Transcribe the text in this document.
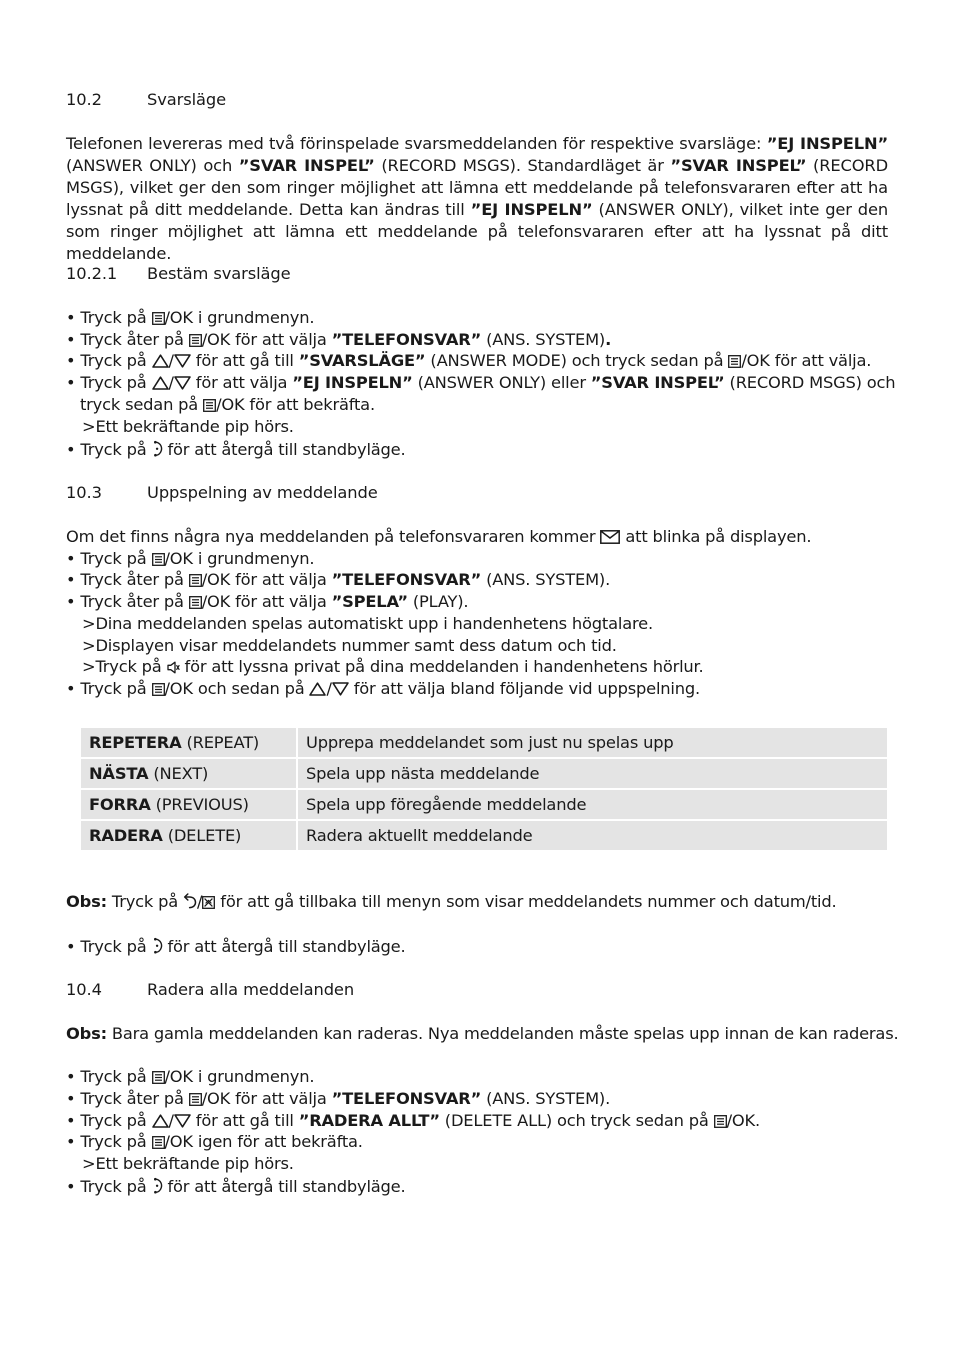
10.2	Svarsläge
Telefonen levereras med två förinspelade svarsmeddelanden för respektive svarsläge: ”EJ INSPELN” (ANSWER ONLY) och ”SVAR INSPEL” (RECORD MSGS). Standardläget är ”SVAR INSPEL” (RECORD MSGS), vilket ger den som ringer möjlighet att lämna ett meddelande på telefonsvararen efter att ha lyssnat på ditt meddelande. Detta kan ändras till ”EJ INSPELN” (ANSWER ONLY), vilket inte ger den som ringer möjlighet att lämna ett meddelande på telefonsvararen efter att ha lyssnat på ditt meddelande.
10.2.1 Bestäm svarsläge
• Tryck på /OK i grundmenyn.
• Tryck åter på /OK för att välja ”TELEFONSVAR” (ANS. SYSTEM).
• Tryck på / för att gå till ”SVARSLÄGE” (ANSWER MODE) och tryck sedan på /OK för att välja.
• Tryck på / för att välja ”EJ INSPELN” (ANSWER ONLY) eller ”SVAR INSPEL” (RECORD MSGS) och
tryck sedan på /OK för att bekräfta.
>Ett bekräftande pip hörs.
• Tryck på  för att återgå till standbyläge.
10.3	Uppspelning av meddelande
Om det finns några nya meddelanden på telefonsvararen kommer  att blinka på displayen.
• Tryck på /OK i grundmenyn.
• Tryck åter på /OK för att välja ”TELEFONSVAR” (ANS. SYSTEM).
• Tryck åter på /OK för att välja ”SPELA” (PLAY).
>Dina meddelanden spelas automatiskt upp i handenhetens högtalare.
>Displayen visar meddelandets nummer samt dess datum och tid.
>Tryck på  för att lyssna privat på dina meddelanden i handenhetens hörlur.
• Tryck på /OK och sedan på / för att välja bland följande vid uppspelning.
REPETERA (REPEAT)	Upprepa meddelandet som just nu spelas upp
NÄSTA (NEXT)	Spela upp nästa meddelande
FORRA (PREVIOUS)	Spela upp föregående meddelande
RADERA (DELETE)	Radera aktuellt meddelande
Obs: Tryck på / för att gå tillbaka till menyn som visar meddelandets nummer och datum/tid.
• Tryck på  för att återgå till standbyläge.
10.4	Radera alla meddelanden
Obs: Bara gamla meddelanden kan raderas. Nya meddelanden måste spelas upp innan de kan raderas.
• Tryck på /OK i grundmenyn.
• Tryck åter på /OK för att välja ”TELEFONSVAR” (ANS. SYSTEM).
• Tryck på / för att gå till ”RADERA ALLT” (DELETE ALL) och tryck sedan på /OK.
• Tryck på /OK igen för att bekräfta.
>Ett bekräftande pip hörs.
• Tryck på  för att återgå till standbyläge.
